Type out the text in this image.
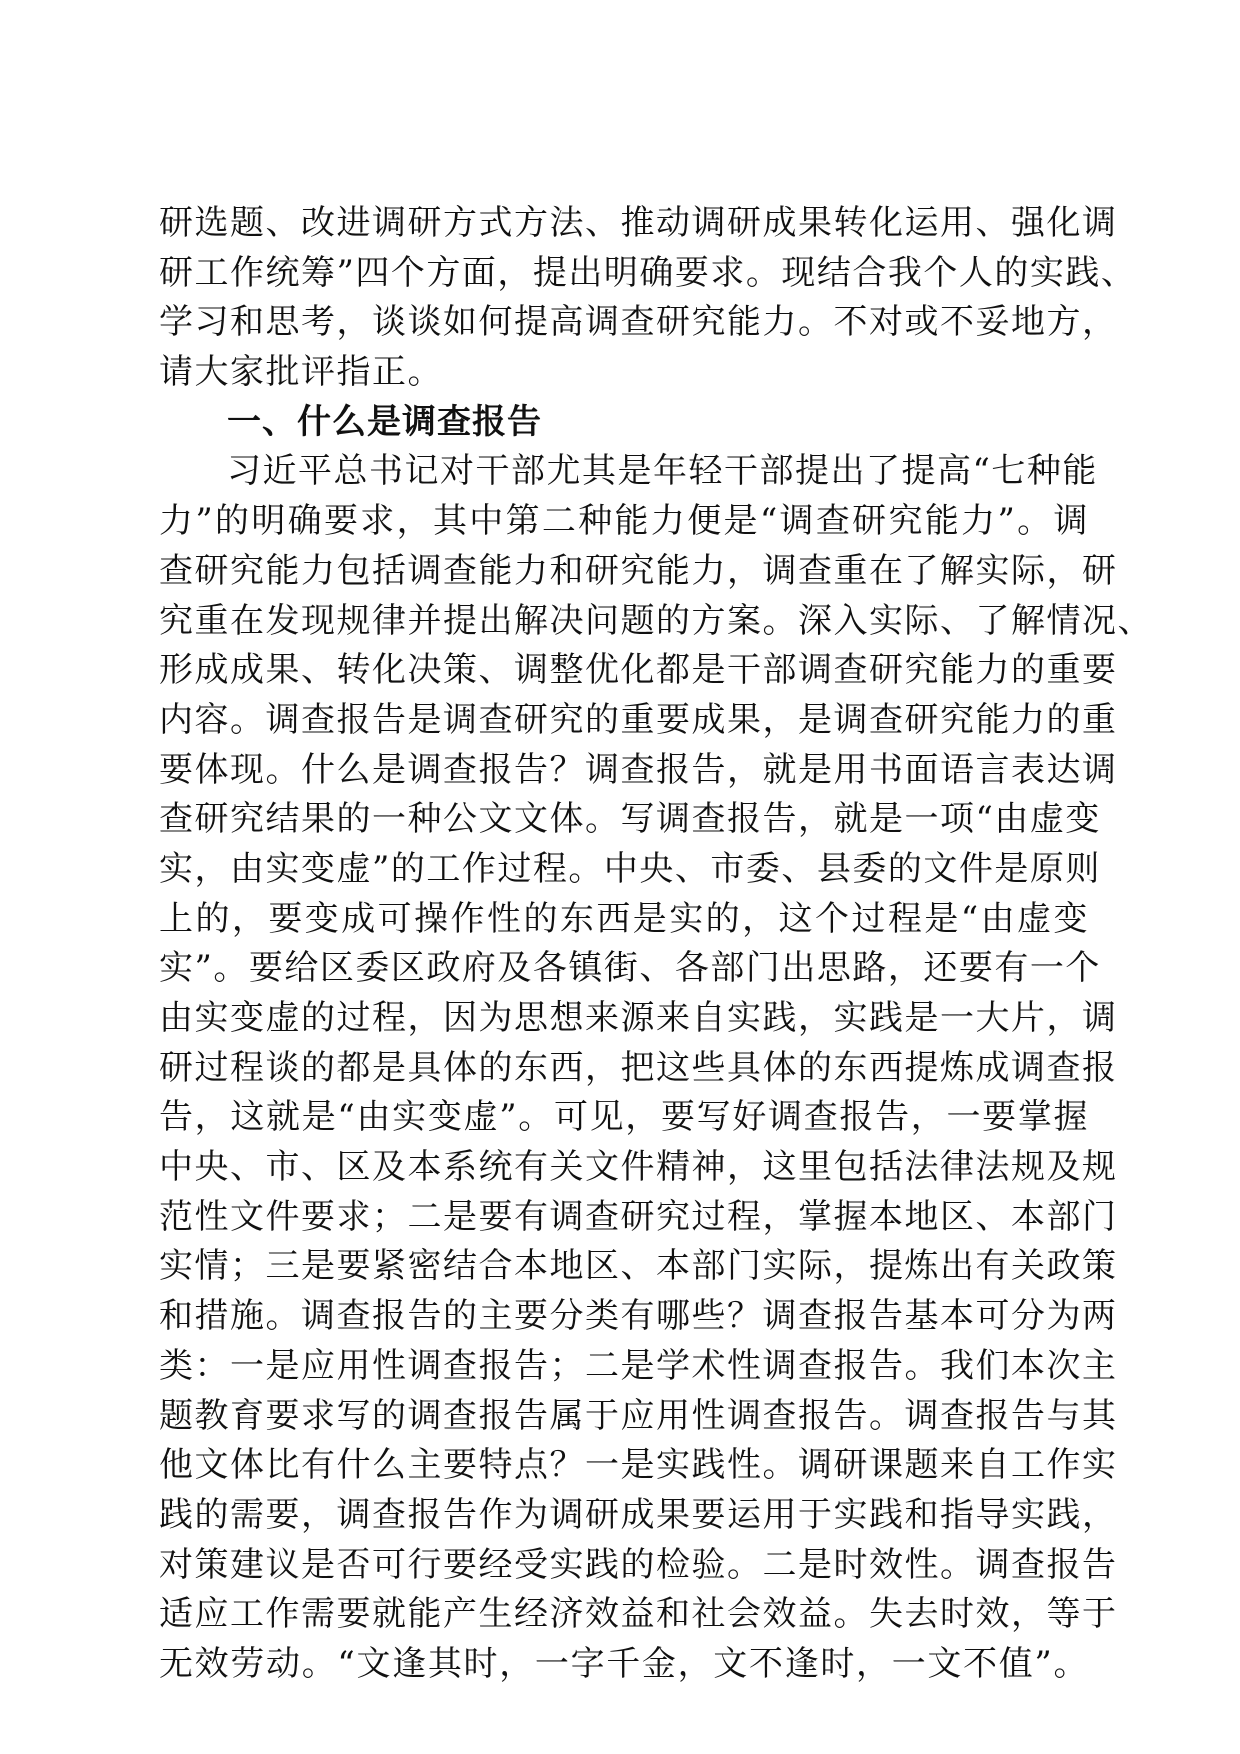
研选题、改进调研方式方法、推动调研成果转化运用、强化调
研工作统筹”四个方面，提出明确要求。现结合我个人的实践、
学习和思考，谈谈如何提高调查研究能力。不对或不妥地方，
请大家批评指正。
一、什么是调查报告
习近平总书记对干部尤其是年轻干部提出了提高“七种能
力”的明确要求，其中第二种能力便是“调查研究能力”。调
查研究能力包括调查能力和研究能力，调查重在了解实际，研
究重在发现规律并提出解决问题的方案。深入实际、了解情况、
形成成果、转化决策、调整优化都是干部调查研究能力的重要
内容。调查报告是调查研究的重要成果，是调查研究能力的重
要体现。什么是调查报告？调查报告，就是用书面语言表达调
查研究结果的一种公文文体。写调查报告，就是一项“由虚变
实，由实变虚”的工作过程。中央、市委、县委的文件是原则
上的，要变成可操作性的东西是实的，这个过程是“由虚变
实”。要给区委区政府及各镇街、各部门出思路，还要有一个
由实变虚的过程，因为思想来源来自实践，实践是一大片，调
研过程谈的都是具体的东西，把这些具体的东西提炼成调查报
告，这就是“由实变虚”。可见，要写好调查报告，一要掌握
中央、市、区及本系统有关文件精神，这里包括法律法规及规
范性文件要求；二是要有调查研究过程，掌握本地区、本部门
实情；三是要紧密结合本地区、本部门实际，提炼出有关政策
和措施。调查报告的主要分类有哪些？调查报告基本可分为两
类：一是应用性调查报告；二是学术性调查报告。我们本次主
题教育要求写的调查报告属于应用性调查报告。调查报告与其
他文体比有什么主要特点？一是实践性。调研课题来自工作实
践的需要，调查报告作为调研成果要运用于实践和指导实践，
对策建议是否可行要经受实践的检验。二是时效性。调查报告
适应工作需要就能产生经济效益和社会效益。失去时效，等于
无效劳动。“文逢其时，一字千金，文不逢时，一文不值”。
